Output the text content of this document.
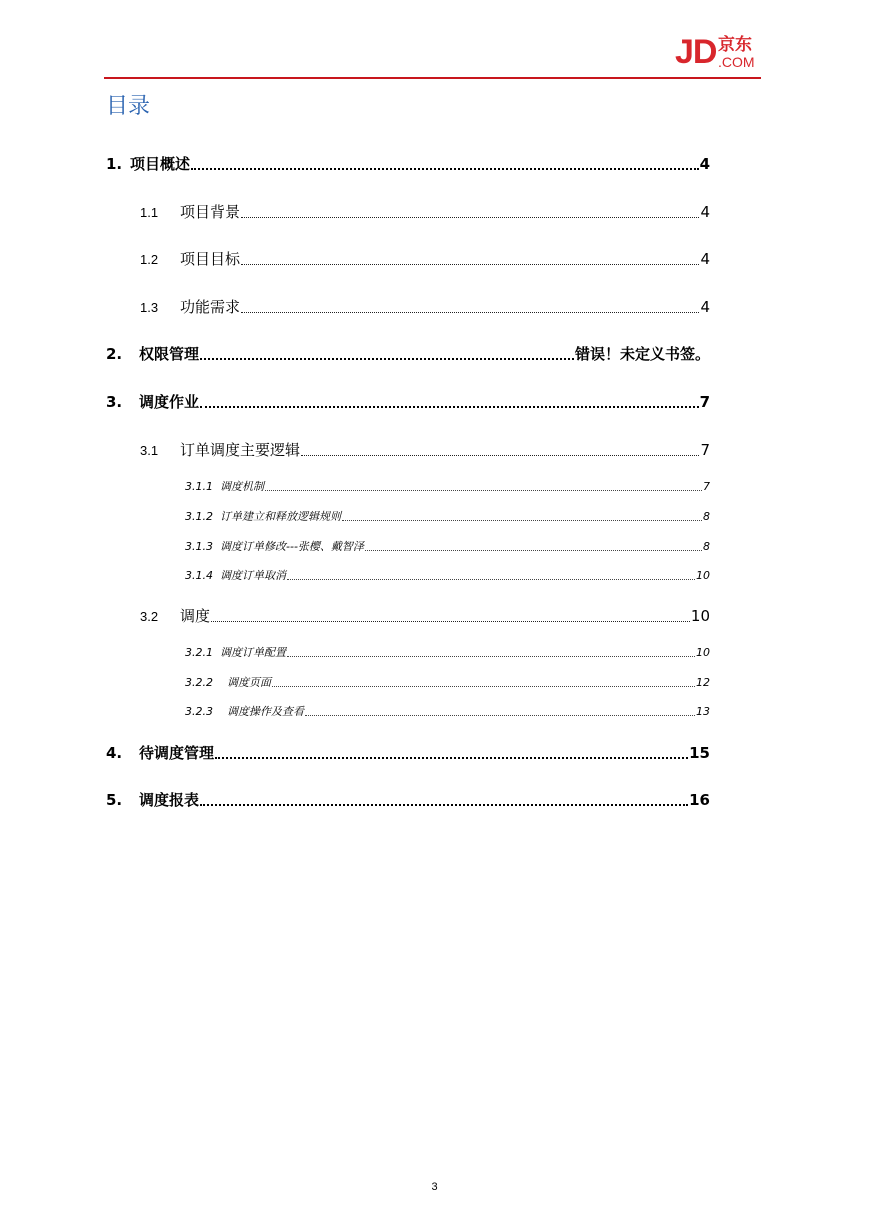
JD 京东
.COM
目录
1. 项目概述	4
1.1	项目背景	4
1.2	项目目标	4
1.3	功能需求	4
2.	权限管理	错误！未定义书签。
3.	调度作业	7
3.1	订单调度主要逻辑	7
3.1.1 调度机制	7
3.1.2 订单建立和释放逻辑规则	8
3.1.3 调度订单修改---张樱、戴智泽	8
3.1.4 调度订单取消	10
3.2	调度	10
3.2.1 调度订单配置	10
3.2.2	调度页面	12
3.2.3	调度操作及查看	13
4.	待调度管理	15
5.	调度报表	16
3
